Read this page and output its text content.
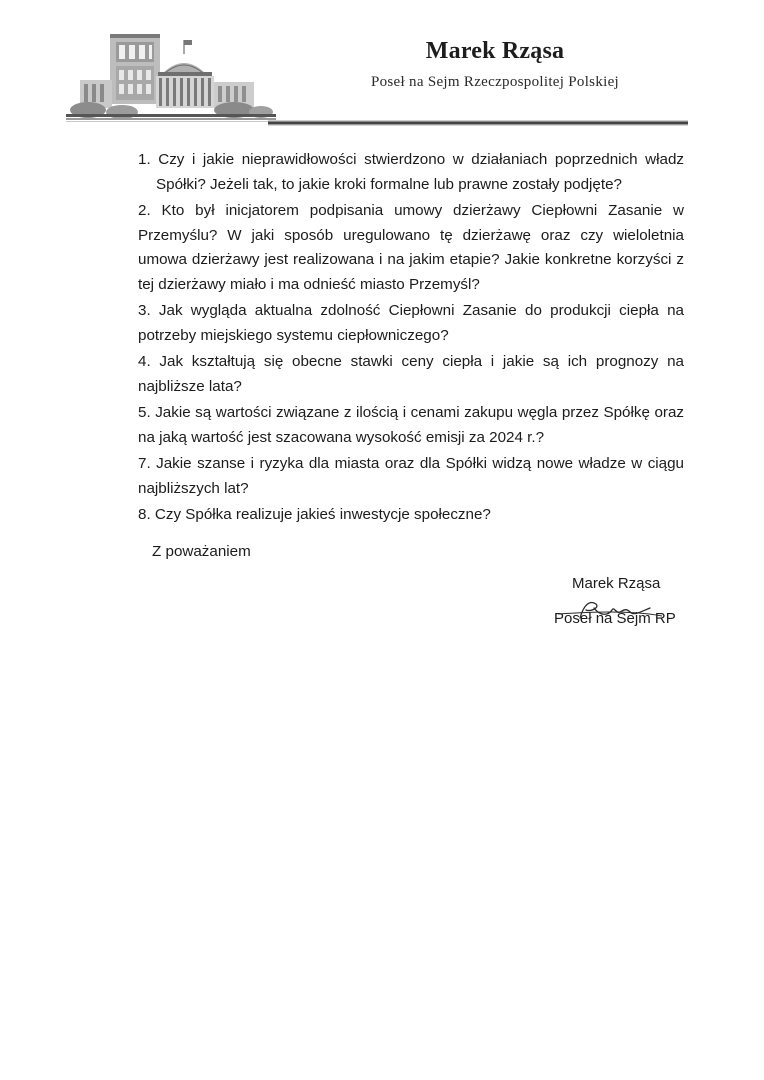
Marek Rząsa
Poseł na Sejm Rzeczpospolitej Polskiej

1. Czy i jakie nieprawidłowości stwierdzono w działaniach poprzednich władz Spółki? Jeżeli tak, to jakie kroki formalne lub prawne zostały podjęte?

2. Kto był inicjatorem podpisania umowy dzierżawy Ciepłowni Zasanie w Przemyślu? W jaki sposób uregulowano tę dzierżawę oraz czy wieloletnia umowa dzierżawy jest realizowana i na jakim etapie? Jakie konkretne korzyści z tej dzierżawy miało i ma odnieść miasto Przemyśl?

3. Jak wygląda aktualna zdolność Ciepłowni Zasanie do produkcji ciepła na potrzeby miejskiego systemu ciepłowniczego?

4. Jak kształtują się obecne stawki ceny ciepła i jakie są ich prognozy na najbliższe lata?

5. Jakie są wartości związane z ilością i cenami zakupu węgla przez Spółkę oraz na jaką wartość jest szacowana wysokość emisji za 2024 r.?

7. Jakie szanse i ryzyka dla miasta oraz dla Spółki widzą nowe władze w ciągu najbliższych lat?

8. Czy Spółka realizuje jakieś inwestycje społeczne?

Z poważaniem
Marek Rząsa
Poseł na Sejm RP
